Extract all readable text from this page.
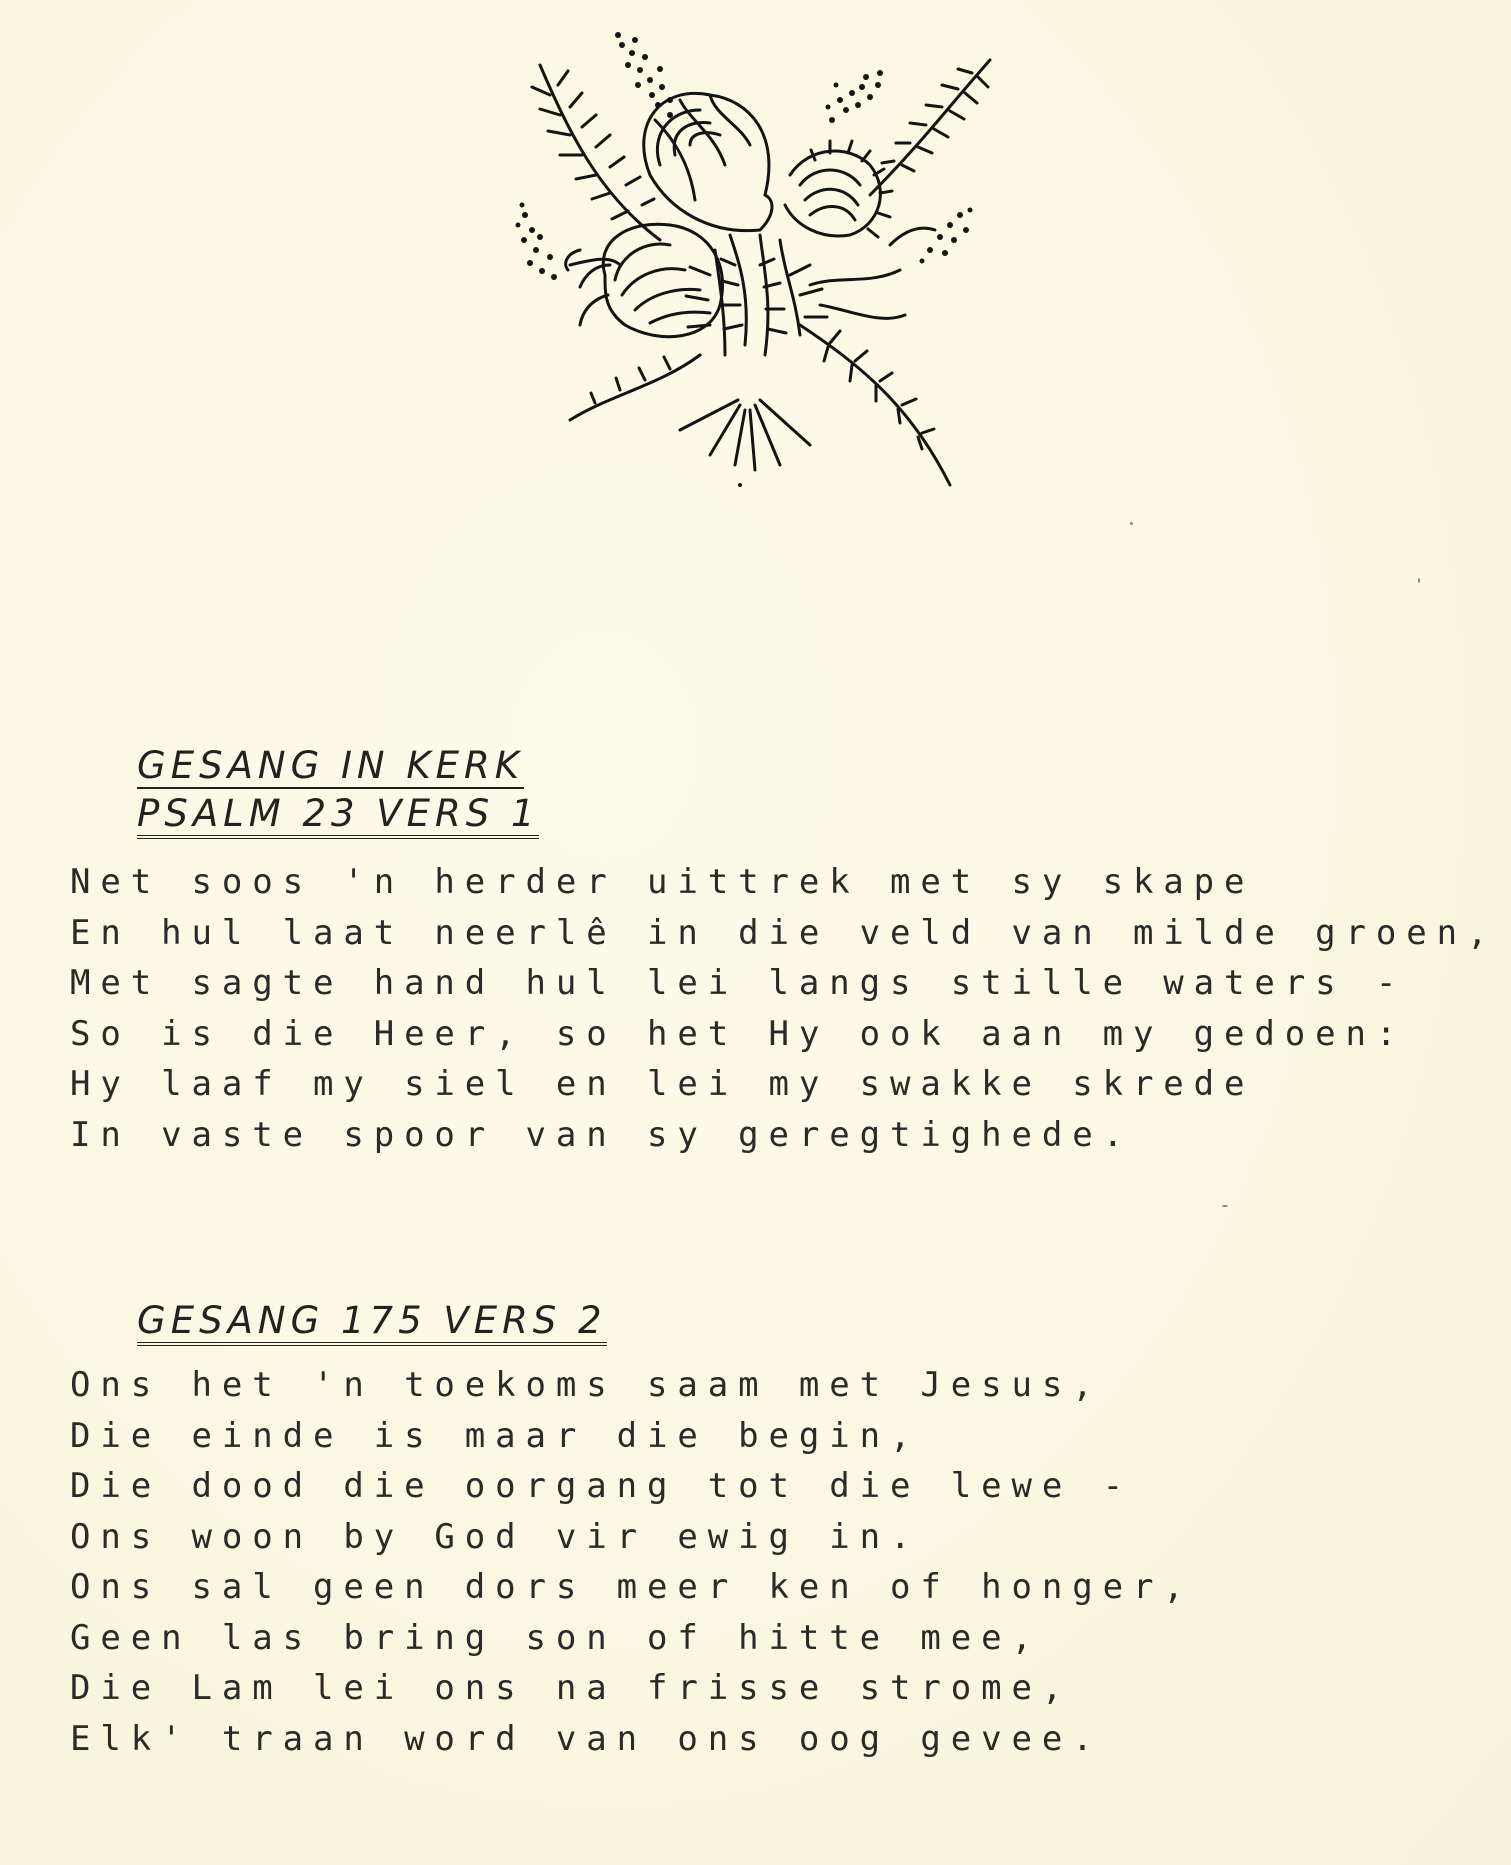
GESANG IN KERK

PSALM 23 VERS 1

Net soos 'n herder uittrek met sy skape
En hul laat neerlê in die veld van milde groen,
Met sagte hand hul lei langs stille waters -
So is die Heer, so het Hy ook aan my gedoen:
Hy laaf my siel en lei my swakke skrede
In vaste spoor van sy geregtighede.

GESANG 175 VERS 2

Ons het 'n toekoms saam met Jesus,
Die einde is maar die begin,
Die dood die oorgang tot die lewe -
Ons woon by God vir ewig in.
Ons sal geen dors meer ken of honger,
Geen las bring son of hitte mee,
Die Lam lei ons na frisse strome,
Elk' traan word van ons oog gevee.
